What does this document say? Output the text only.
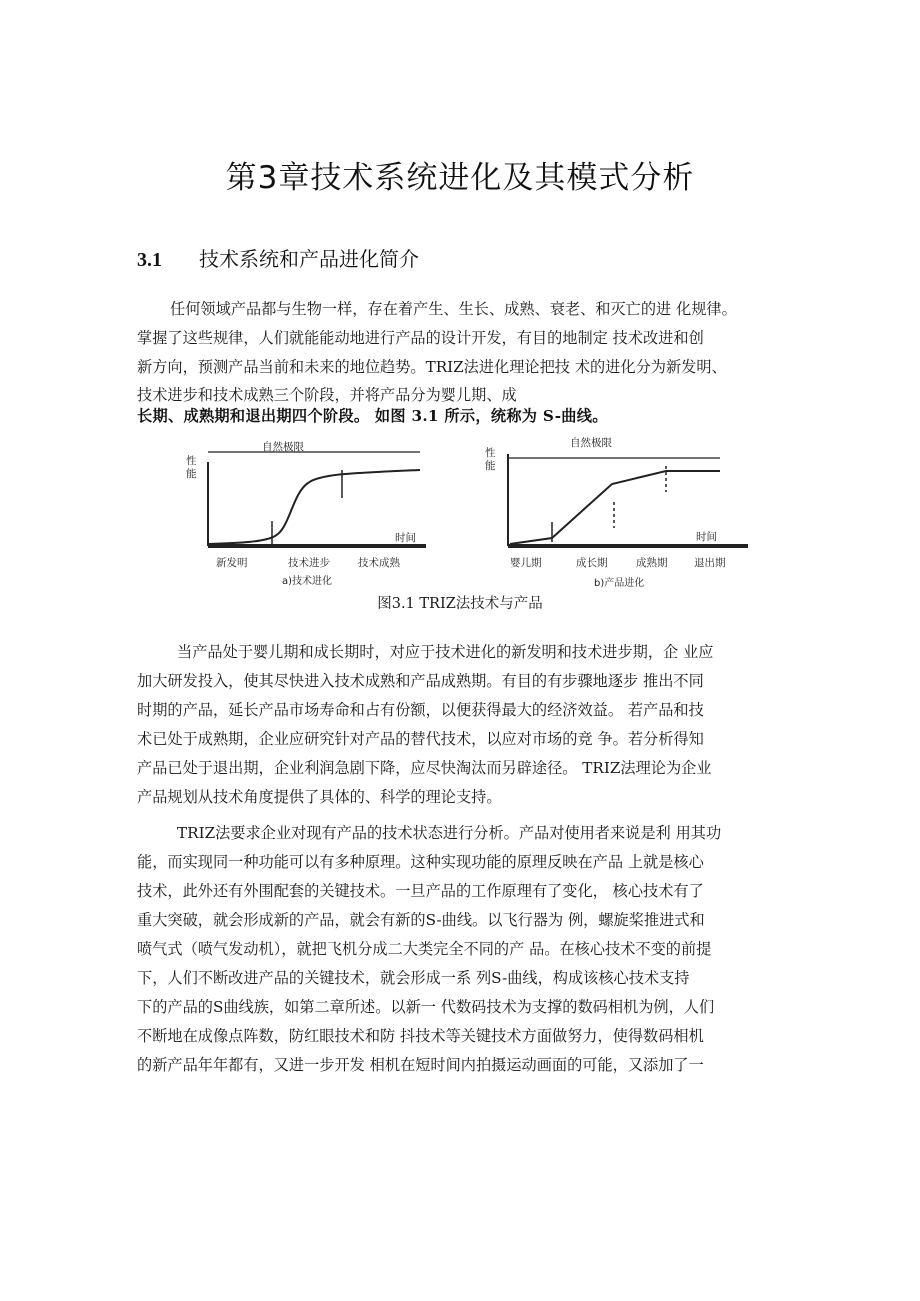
第3章技术系统进化及其模式分析
3.1 技术系统和产品进化简介
任何领域产品都与生物一样，存在着产生、生长、成熟、衰老、和灭亡的进 化规律。
掌握了这些规律，人们就能能动地进行产品的设计开发，有目的地制定 技术改进和创
新方向，预测产品当前和未来的地位趋势。TRIZ法进化理论把技 术的进化分为新发明、
技术进步和技术成熟三个阶段，并将产品分为婴儿期、成
长期、成熟期和退出期四个阶段。 如图 3.1 所示，统称为 S-曲线。
自然极限
性
能
时间
新发明	技术进步	技术成熟
a)技术进化
自然极限
性
能
时间
婴儿期	成长期	成熟期	退出期
b)产品进化
图3.1 TRIZ法技术与产品
当产品处于婴儿期和成长期时，对应于技术进化的新发明和技术进步期，企 业应
加大研发投入，使其尽快进入技术成熟和产品成熟期。有目的有步骤地逐步 推出不同
时期的产品，延长产品市场寿命和占有份额，以便获得最大的经济效益。 若产品和技
术已处于成熟期，企业应研究针对产品的替代技术，以应对市场的竞 争。若分析得知
产品已处于退出期，企业利润急剧下降，应尽快淘汰而另辟途径。 TRIZ法理论为企业
产品规划从技术角度提供了具体的、科学的理论支持。
TRIZ法要求企业对现有产品的技术状态进行分析。产品对使用者来说是利 用其功
能，而实现同一种功能可以有多种原理。这种实现功能的原理反映在产品 上就是核心
技术，此外还有外围配套的关键技术。一旦产品的工作原理有了变化， 核心技术有了
重大突破，就会形成新的产品，就会有新的S-曲线。以飞行器为 例，螺旋桨推进式和
喷气式（喷气发动机），就把飞机分成二大类完全不同的产 品。在核心技术不变的前提
下，人们不断改进产品的关键技术，就会形成一系 列S-曲线，构成该核心技术支持
下的产品的S曲线族，如第二章所述。以新一 代数码技术为支撑的数码相机为例，人们
不断地在成像点阵数，防红眼技术和防 抖技术等关键技术方面做努力，使得数码相机
的新产品年年都有，又进一步开发 相机在短时间内拍摄运动画面的可能，又添加了一
